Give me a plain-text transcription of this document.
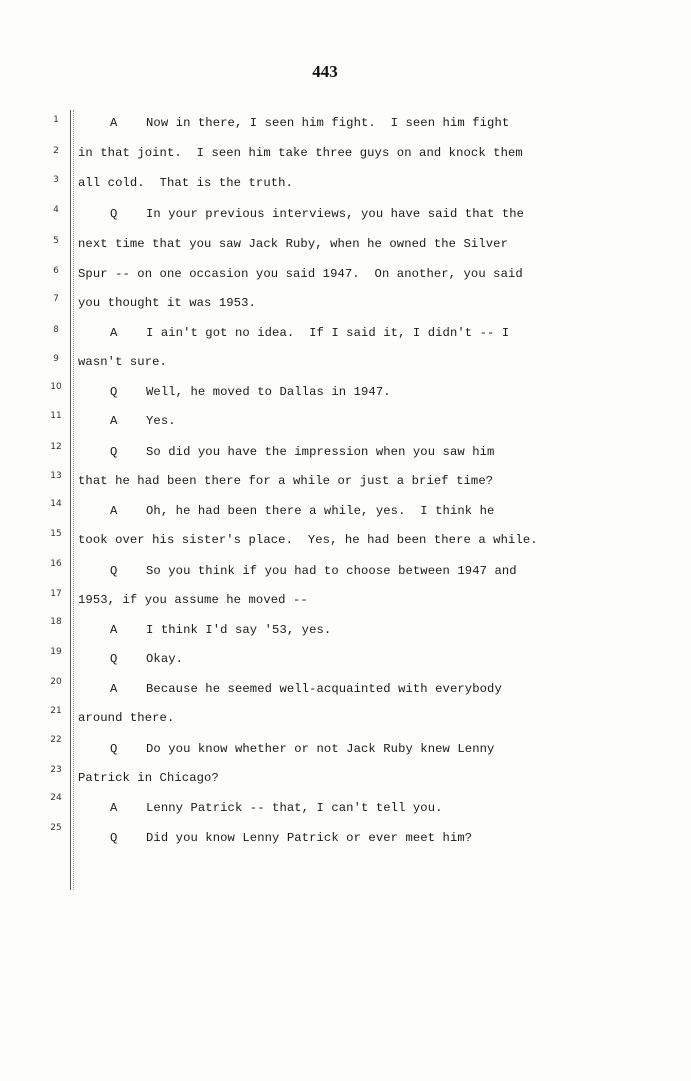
443
1
2
3
4
5
6
7
8
9
10
11
12
13
14
15
16
17
18
19
20
21
22
23
24
25
A Now in there, I seen him fight.  I seen him fight
in that joint.  I seen him take three guys on and knock them
all cold.  That is the truth.
Q In your previous interviews, you have said that the
next time that you saw Jack Ruby, when he owned the Silver
Spur -- on one occasion you said 1947.  On another, you said
you thought it was 1953.
A I ain't got no idea.  If I said it, I didn't -- I
wasn't sure.
Q Well, he moved to Dallas in 1947.
A Yes.
Q So did you have the impression when you saw him
that he had been there for a while or just a brief time?
A Oh, he had been there a while, yes.  I think he
took over his sister's place.  Yes, he had been there a while.
Q So you think if you had to choose between 1947 and
1953, if you assume he moved --
A I think I'd say '53, yes.
Q Okay.
A Because he seemed well-acquainted with everybody
around there.
Q Do you know whether or not Jack Ruby knew Lenny
Patrick in Chicago?
A Lenny Patrick -- that, I can't tell you.
Q Did you know Lenny Patrick or ever meet him?
